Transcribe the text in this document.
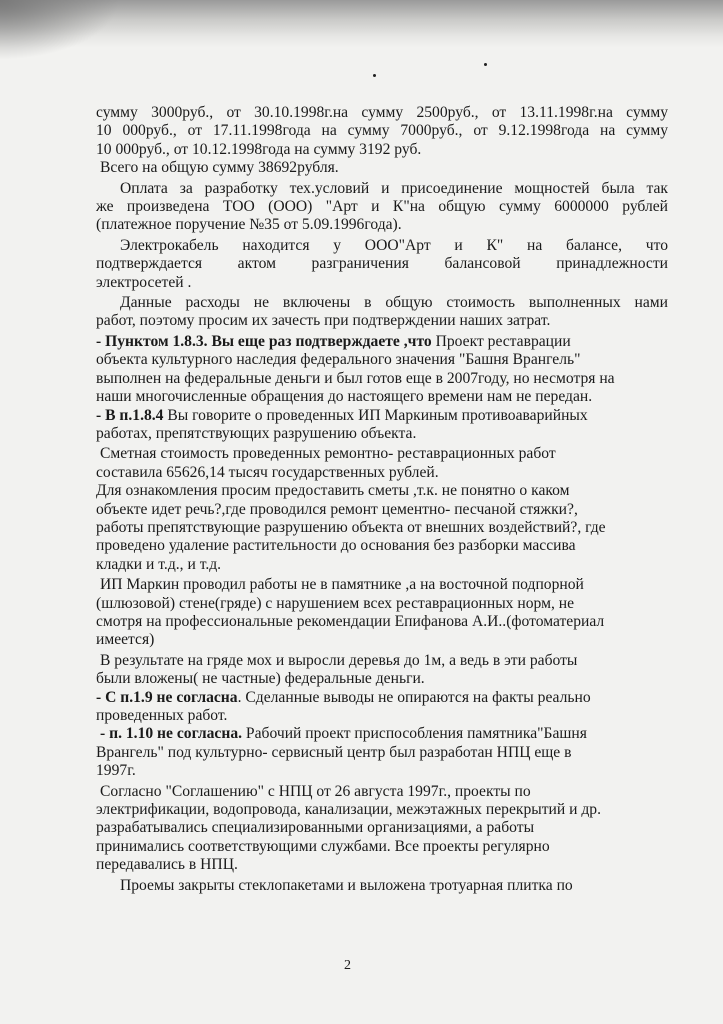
сумму 3000руб., от 30.10.1998г.на сумму 2500руб., от 13.11.1998г.на сумму
10 000руб., от 17.11.1998года на сумму 7000руб., от 9.12.1998года на сумму
10 000руб., от 10.12.1998года на сумму 3192 руб.
Всего на общую сумму 38692рубля.
Оплата за разработку тех.условий и присоединение мощностей была так
же произведена ТОО (ООО) "Арт и К"на общую сумму 6000000 рублей
(платежное поручение №35 от 5.09.1996года).
Электрокабель находится у ООО"Арт и К" на балансе, что
подтверждается актом разграничения балансовой принадлежности
электросетей .
Данные расходы не включены в общую стоимость выполненных нами
работ, поэтому просим их зачесть при подтверждении наших затрат.
- Пунктом 1.8.3. Вы еще раз подтверждаете ,что Проект реставрации
объекта культурного наследия федерального значения "Башня Врангель"
выполнен на федеральные деньги и был готов еще в 2007году, но несмотря на
наши многочисленные обращения до настоящего времени нам не передан.
- В п.1.8.4 Вы говорите о проведенных ИП Маркиным противоаварийных
работах, препятствующих разрушению объекта.
Сметная стоимость проведенных ремонтно- реставрационных работ
составила 65626,14 тысяч государственных рублей.
Для ознакомления просим предоставить сметы ,т.к. не понятно о каком
объекте идет речь?,где проводился ремонт цементно- песчаной стяжки?,
работы препятствующие разрушению объекта от внешних воздействий?, где
проведено удаление растительности до основания без разборки массива
кладки и т.д., и т.д.
ИП Маркин проводил работы не в памятнике ,а на восточной подпорной
(шлюзовой) стене(гряде) с нарушением всех реставрационных норм, не
смотря на профессиональные рекомендации Епифанова А.И..(фотоматериал
имеется)
В результате на гряде мох и выросли деревья до 1м, а ведь в эти работы
были вложены( не частные) федеральные деньги.
- С п.1.9 не согласна. Сделанные выводы не опираются на факты реально
проведенных работ.
- п. 1.10 не согласна. Рабочий проект приспособления памятника"Башня
Врангель" под культурно- сервисный центр был разработан НПЦ еще в
1997г.
Согласно "Соглашению" с НПЦ от 26 августа 1997г., проекты по
электрификации, водопровода, канализации, межэтажных перекрытий и др.
разрабатывались специализированными организациями, а работы
принимались соответствующими службами. Все проекты регулярно
передавались в НПЦ.
Проемы закрыты стеклопакетами и выложена тротуарная плитка по
2
